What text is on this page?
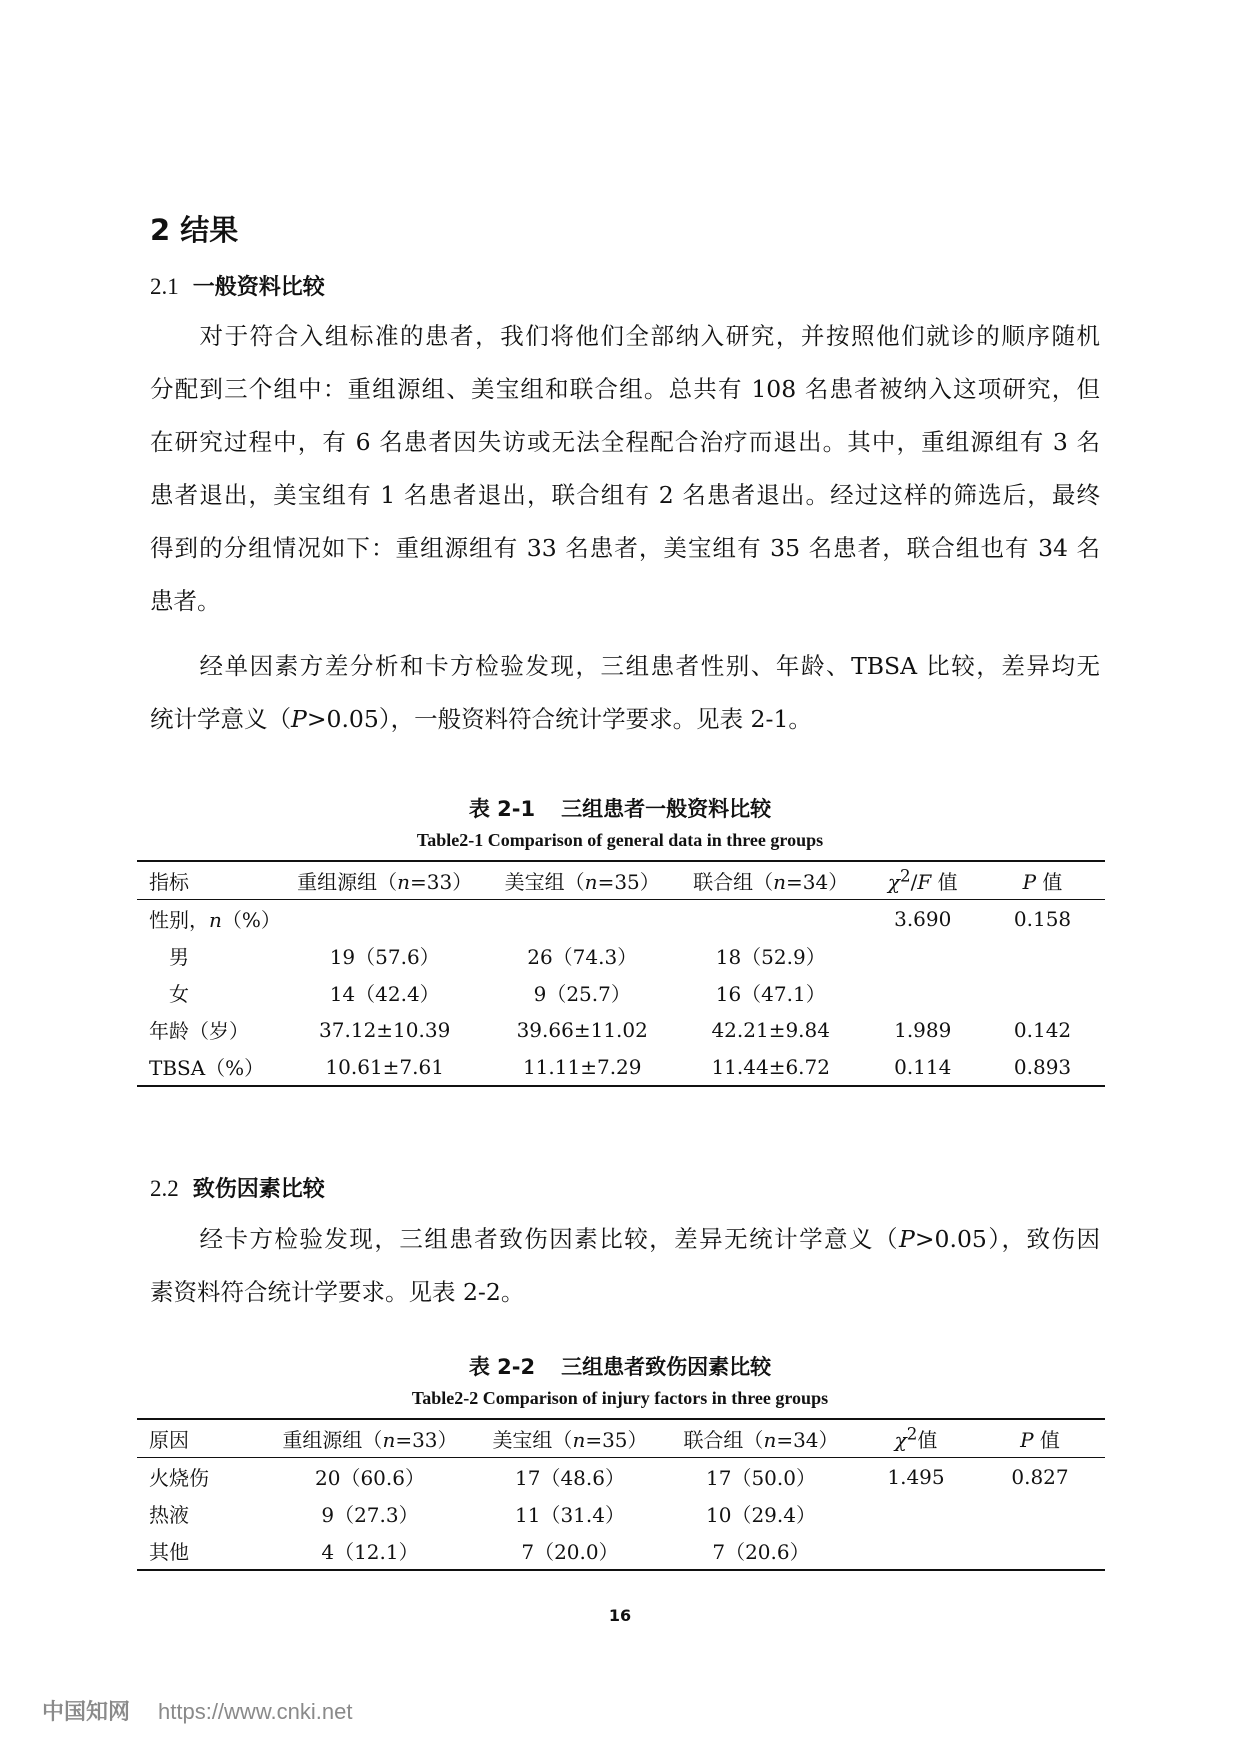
2 结果
2.1 一般资料比较
对于符合入组标准的患者，我们将他们全部纳入研究，并按照他们就诊的顺序随机
分配到三个组中：重组源组、美宝组和联合组。总共有 108 名患者被纳入这项研究，但
在研究过程中，有 6 名患者因失访或无法全程配合治疗而退出。其中，重组源组有 3 名
患者退出，美宝组有 1 名患者退出，联合组有 2 名患者退出。经过这样的筛选后，最终
得到的分组情况如下：重组源组有 33 名患者，美宝组有 35 名患者，联合组也有 34 名
患者。
经单因素方差分析和卡方检验发现，三组患者性别、年龄、TBSA 比较，差异均无
统计学意义（P>0.05），一般资料符合统计学要求。见表 2-1。
表 2-1 三组患者一般资料比较
Table2-1 Comparison of general data in three groups
指标	重组源组（n=33）	美宝组（n=35）	联合组（n=34）	$\chi^2/F$ 值	P 值
性别，n（%）				3.690	0.158
男	19（57.6）	26（74.3）	18（52.9）		
女	14（42.4）	9（25.7）	16（47.1）		
年龄（岁）	37.12±10.39	39.66±11.02	42.21±9.84	1.989	0.142
TBSA（%）	10.61±7.61	11.11±7.29	11.44±6.72	0.114	0.893
2.2 致伤因素比较
经卡方检验发现，三组患者致伤因素比较，差异无统计学意义（P>0.05），致伤因
素资料符合统计学要求。见表 2-2。
表 2-2 三组患者致伤因素比较
Table2-2 Comparison of injury factors in three groups
原因	重组源组（n=33）	美宝组（n=35）	联合组（n=34）	$\chi^2$值	P 值
火烧伤	20（60.6）	17（48.6）	17（50.0）	1.495	0.827
热液	9（27.3）	11（31.4）	10（29.4）		
其他	4（12.1）	7（20.0）	7（20.6）		
16
中国知网 https://www.cnki.net
